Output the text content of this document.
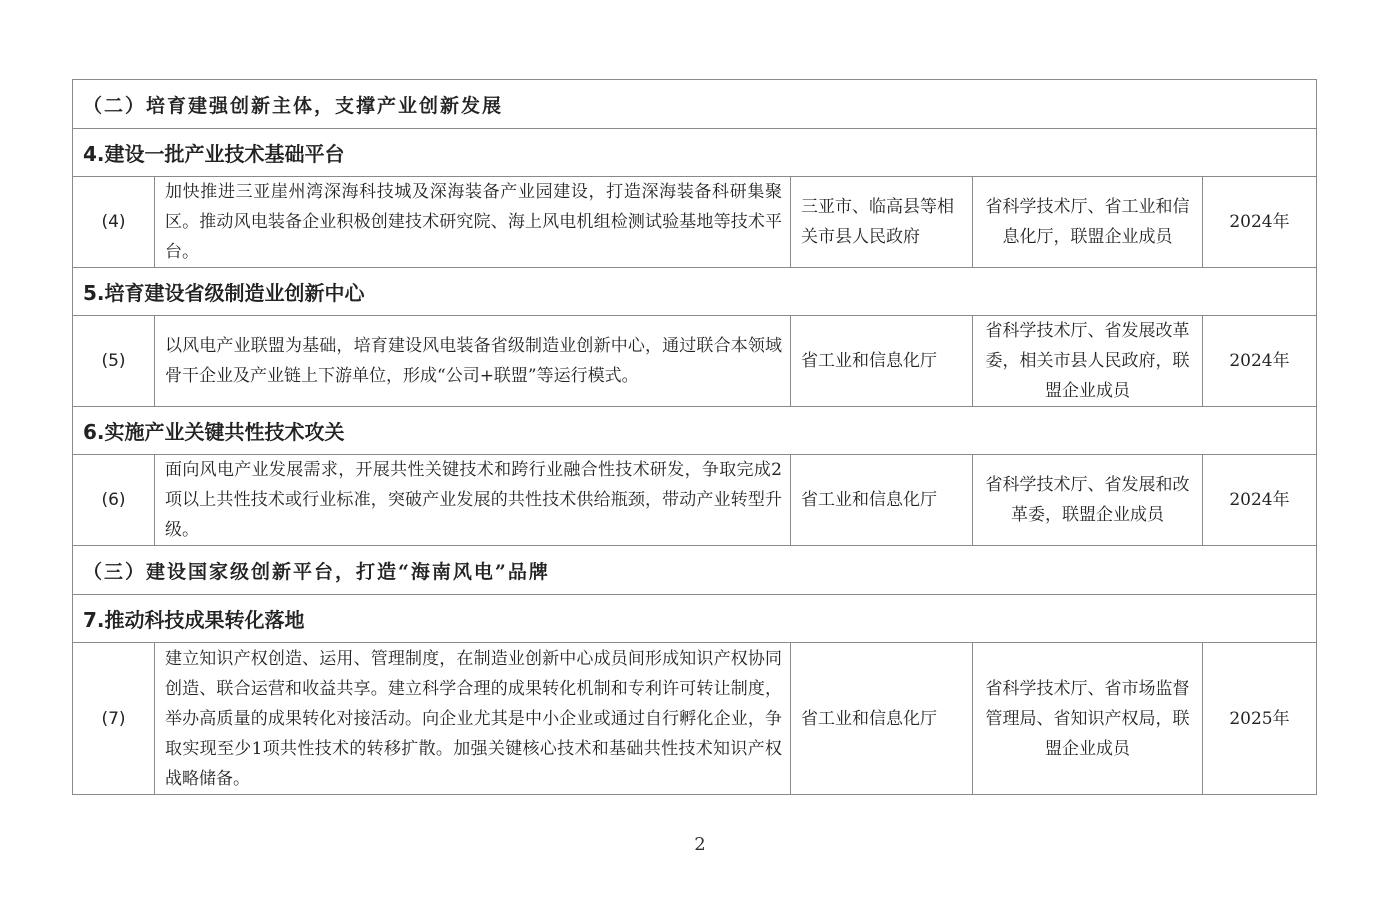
（二）培育建强创新主体，支撑产业创新发展				
4.建设一批产业技术基础平台				
(4)	加快推进三亚崖州湾深海科技城及深海装备产业园建设，打造深海装备科研集聚区。推动风电装备企业积极创建技术研究院、海上风电机组检测试验基地等技术平台。	三亚市、临高县等相关市县人民政府	省科学技术厅、省工业和信息化厅，联盟企业成员	2024年
5.培育建设省级制造业创新中心				
(5)	以风电产业联盟为基础，培育建设风电装备省级制造业创新中心，通过联合本领域骨干企业及产业链上下游单位，形成“公司+联盟”等运行模式。	省工业和信息化厅	省科学技术厅、省发展改革委，相关市县人民政府，联盟企业成员	2024年
6.实施产业关键共性技术攻关				
(6)	面向风电产业发展需求，开展共性关键技术和跨行业融合性技术研发，争取完成2项以上共性技术或行业标准，突破产业发展的共性技术供给瓶颈，带动产业转型升级。	省工业和信息化厅	省科学技术厅、省发展和改革委，联盟企业成员	2024年
（三）建设国家级创新平台，打造“海南风电”品牌				
7.推动科技成果转化落地				
(7)	建立知识产权创造、运用、管理制度，在制造业创新中心成员间形成知识产权协同创造、联合运营和收益共享。建立科学合理的成果转化机制和专利许可转让制度，举办高质量的成果转化对接活动。向企业尤其是中小企业或通过自行孵化企业，争取实现至少1项共性技术的转移扩散。加强关键核心技术和基础共性技术知识产权战略储备。	省工业和信息化厅	省科学技术厅、省市场监督管理局、省知识产权局，联盟企业成员	2025年
2
